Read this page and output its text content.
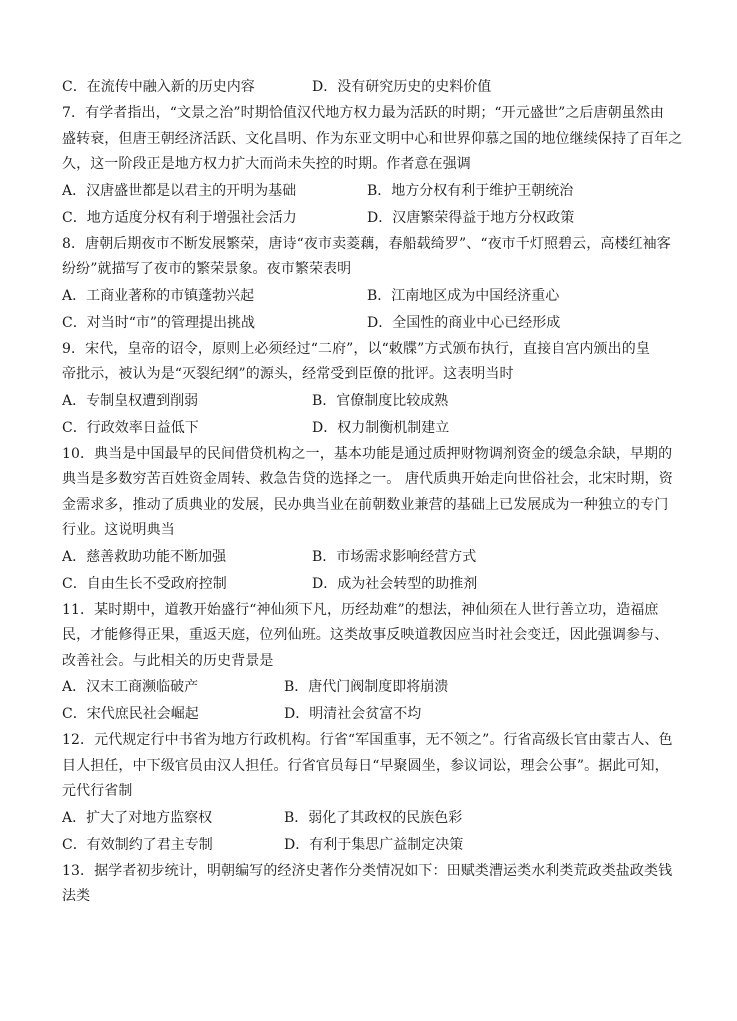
C．在流传中融入新的历史内容	D．没有研究历史的史料价值
7．有学者指出，“文景之治”时期恰值汉代地方权力最为活跃的时期；“开元盛世”之后唐朝虽然由
盛转衰，但唐王朝经济活跃、文化昌明、作为东亚文明中心和世界仰慕之国的地位继续保持了百年之
久，这一阶段正是地方权力扩大而尚未失控的时期。作者意在强调
A．汉唐盛世都是以君主的开明为基础	B．地方分权有利于维护王朝统治
C．地方适度分权有利于增强社会活力	D．汉唐繁荣得益于地方分权政策
8．唐朝后期夜市不断发展繁荣，唐诗“夜市卖菱藕，春船载绮罗”、“夜市千灯照碧云，高楼红袖客
纷纷”就描写了夜市的繁荣景象。夜市繁荣表明
A．工商业著称的市镇蓬勃兴起	B．江南地区成为中国经济重心
C．对当时“市”的管理提出挑战	D．全国性的商业中心已经形成
9．宋代，皇帝的诏令，原则上必须经过“二府”，以“敕牒”方式颁布执行，直接自宫内颁出的皇
帝批示，被认为是“灭裂纪纲”的源头，经常受到臣僚的批评。这表明当时
A．专制皇权遭到削弱	B．官僚制度比较成熟
C．行政效率日益低下	D．权力制衡机制建立
10．典当是中国最早的民间借贷机构之一，基本功能是通过质押财物调剂资金的缓急余缺，早期的
典当是多数穷苦百姓资金周转、救急告贷的选择之一。 唐代质典开始走向世俗社会，北宋时期，资
金需求多，推动了质典业的发展，民办典当业在前朝数业兼营的基础上已发展成为一种独立的专门
行业。这说明典当
A．慈善救助功能不断加强	B．市场需求影响经营方式
C．自由生长不受政府控制	D．成为社会转型的助推剂
11．某时期中，道教开始盛行“神仙须下凡，历经劫难”的想法，神仙须在人世行善立功，造福庶
民，才能修得正果，重返天庭，位列仙班。这类故事反映道教因应当时社会变迁，因此强调参与、
改善社会。与此相关的历史背景是
A．汉末工商濒临破产	B．唐代门阀制度即将崩溃
C．宋代庶民社会崛起	D．明清社会贫富不均
12．元代规定行中书省为地方行政机构。行省“军国重事，无不领之”。行省高级长官由蒙古人、色
目人担任，中下级官员由汉人担任。行省官员每日“早聚圆坐，参议词讼，理会公事”。据此可知，
元代行省制
A．扩大了对地方监察权	B．弱化了其政权的民族色彩
C．有效制约了君主专制	D．有利于集思广益制定决策
13．据学者初步统计，明朝编写的经济史著作分类情况如下：田赋类漕运类水利类荒政类盐政类钱
法类
